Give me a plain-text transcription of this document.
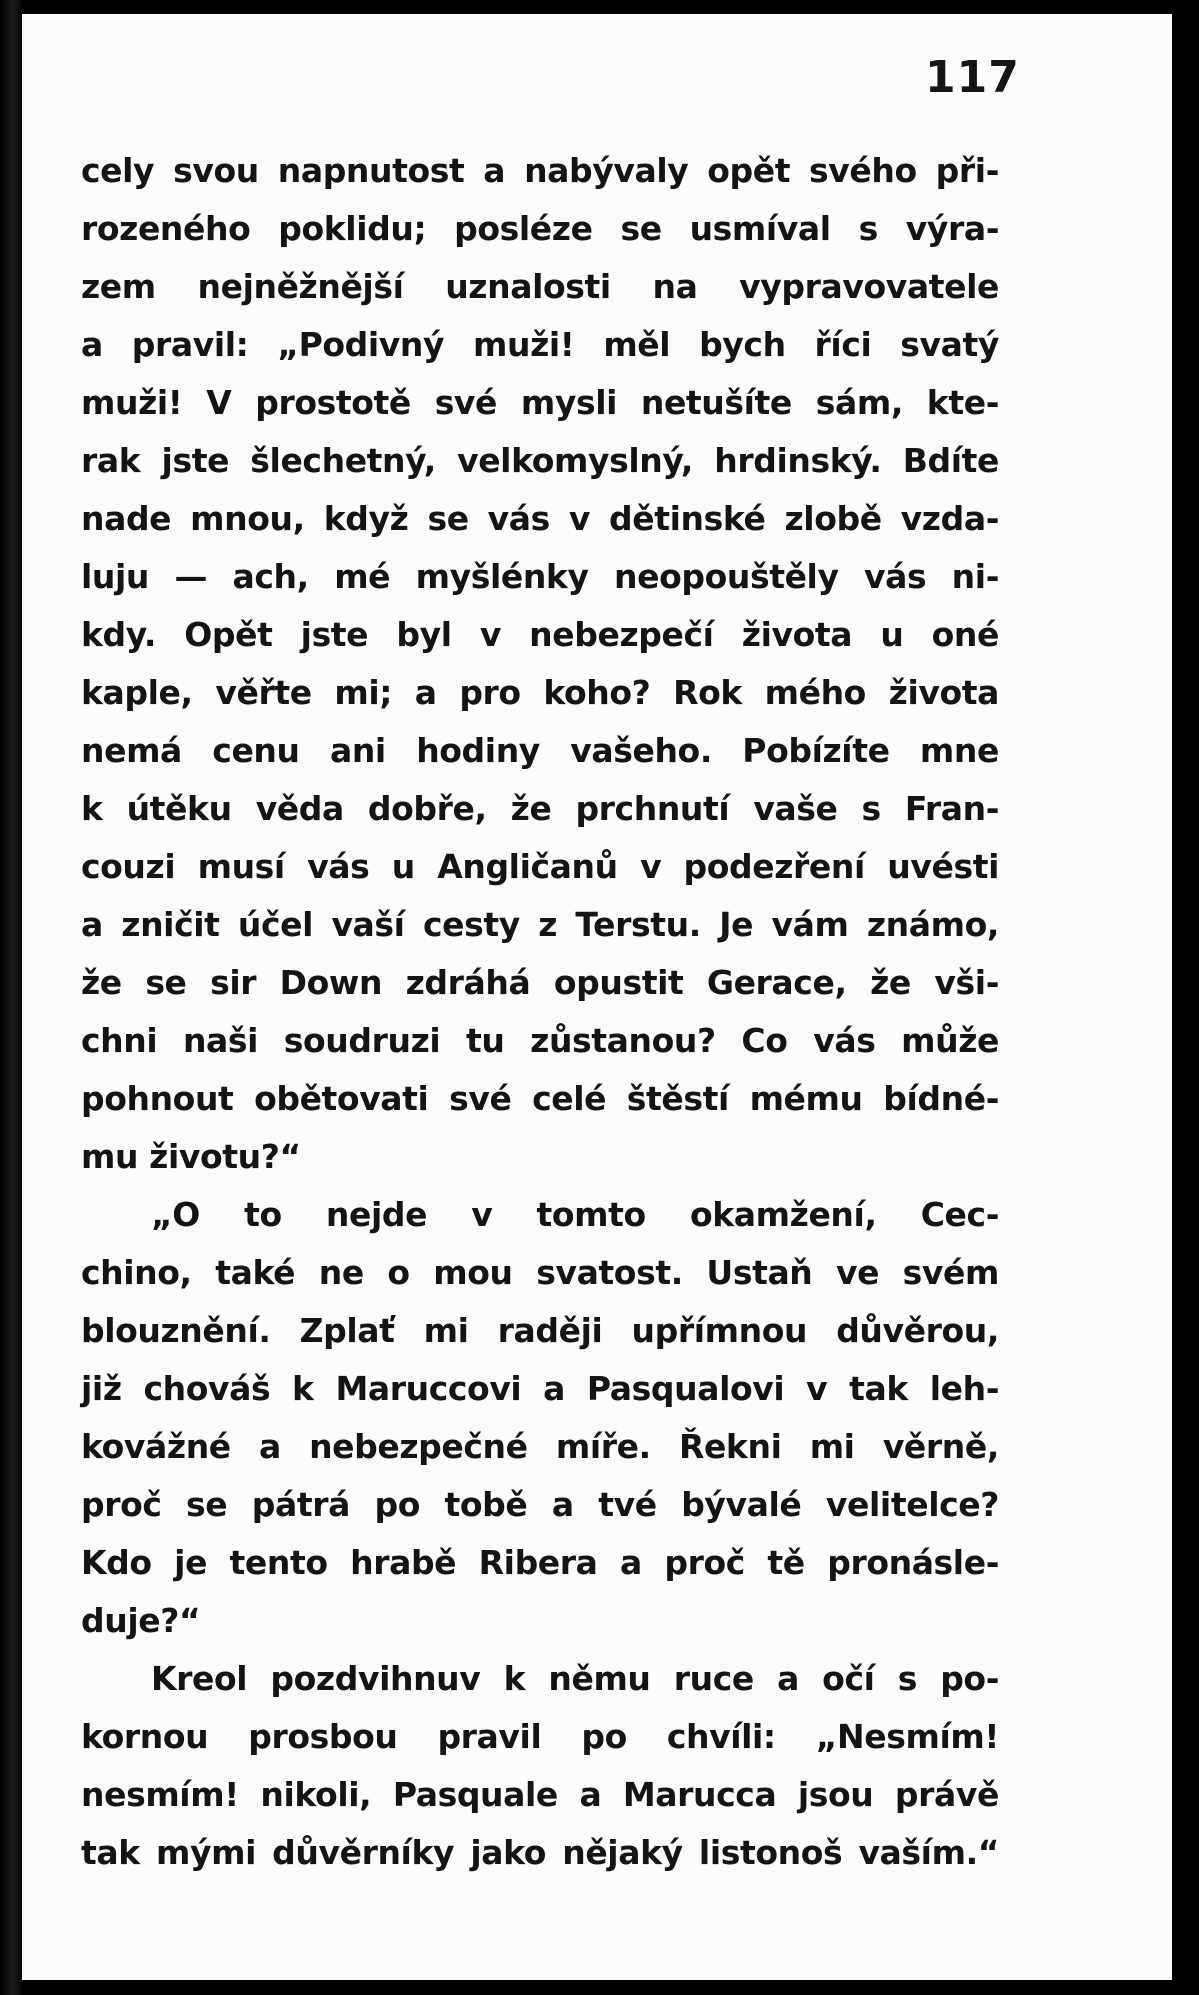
117
cely svou napnutost a nabývaly opět svého při-
rozeného poklidu; posléze se usmíval s výra-
zem nejněžnější uznalosti na vypravovatele
a pravil: „Podivný muži! měl bych říci svatý
muži! V prostotě své mysli netušíte sám, kte-
rak jste šlechetný, velkomyslný, hrdinský. Bdíte
nade mnou, když se vás v dětinské zlobě vzda-
luju — ach, mé myšlénky neopouštěly vás ni-
kdy. Opět jste byl v nebezpečí života u oné
kaple, věřte mi; a pro koho? Rok mého života
nemá cenu ani hodiny vašeho. Pobízíte mne
k útěku věda dobře, že prchnutí vaše s Fran-
couzi musí vás u Angličanů v podezření uvésti
a zničit účel vaší cesty z Terstu. Je vám známo,
že se sir Down zdráhá opustit Gerace, že vši-
chni naši soudruzi tu zůstanou? Co vás může
pohnout obětovati své celé štěstí mému bídné-
mu životu?“
„O to nejde v tomto okamžení, Cec-
chino, také ne o mou svatost. Ustaň ve svém
blouznění. Zplať mi raději upřímnou důvěrou,
již chováš k Maruccovi a Pasqualovi v tak leh-
kovážné a nebezpečné míře. Řekni mi věrně,
proč se pátrá po tobě a tvé bývalé velitelce?
Kdo je tento hrabě Ribera a proč tě pronásle-
duje?“
Kreol pozdvihnuv k němu ruce a očí s po-
kornou prosbou pravil po chvíli: „Nesmím!
nesmím! nikoli, Pasquale a Marucca jsou právě
tak mými důvěrníky jako nějaký listonoš vaším.“
